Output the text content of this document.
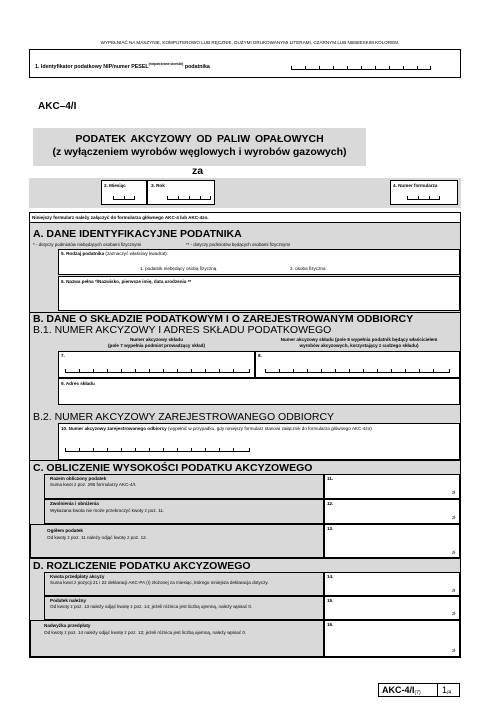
WYPEŁNIAĆ NA MASZYNIE, KOMPUTEROWO LUB RĘCZNIE, DUŻYMI DRUKOWANYMI LITERAMI, CZARNYM LUB NIEBIESKIM KOLOREM.
1. Identyfikator podatkowy NIP/numer $PESEL^{(niepotrzebne skreślić)}$ podatnika
AKC–4/I
PODATEK AKCYZOWY OD PALIW OPAŁOWYCH
(z wyłączeniem wyrobów węglowych i wyrobów gazowych)
za
2. Miesiąc	3. Rok	4. Numer formularza
Niniejszy formularz należy załączyć do formularza głównego AKC-4 lub AKC-4zo.
A. DANE IDENTYFIKACYJNE PODATNIKA
* - dotyczy podmiotów niebędących osobami fizycznymi	** - dotyczy podmiotów będących osobami fizycznymi
5. Rodzaj podatnika (zaznaczyć właściwy kwadrat):
1. podatnik niebędący osobą fizyczną	2. osoba fizyczna
6. Nazwa pełna */Nazwisko, pierwsze imię, data urodzenia **
B. DANE O SKŁADZIE PODATKOWYM I O ZAREJESTROWANYM ODBIORCY
B.1. NUMER AKCYZOWY I ADRES SKŁADU PODATKOWEGO
Numer akcyzowy składu
(pole 7 wypełnia podmiot prowadzący skład)
Numer akcyzowy składu (pole 8 wypełnia podatnik będący właścicielem
wyrobów akcyzowych, korzystający z cudzego składu)
7.	8.
9. Adres składu
B.2. NUMER AKCYZOWY ZAREJESTROWANEGO ODBIORCY
10. Numer akcyzowy zarejestrowanego odbiorcy (wypełnić w przypadku, gdy niniejszy formularz stanowi załącznik do formularza głównego AKC-4zo)
C. OBLICZENIE WYSOKOŚCI PODATKU AKCYZOWEGO
Razem obliczony podatek
Suma kwot z poz. 295 formularzy AKC-4/I.
11.
zł
Zwolnienia i obniżenia
Wykazana kwota nie może przekroczyć kwoty z poz. 11.
12.
zł
Ogółem podatek
Od kwoty z poz. 11 należy odjąć kwotę z poz. 12.
13.
zł
D. ROZLICZENIE PODATKU AKCYZOWEGO
Kwota przedpłaty akcyzy
Suma kwot z pozycji 21 i 22 deklaracji AKC-PA (I) złożonej za miesiąc, którego niniejsza deklaracja dotyczy.
14.
zł
Podatek należny
Od kwoty z poz. 13 należy odjąć kwotę z poz. 14; jeżeli różnica jest liczbą ujemną, należy wpisać 0.
15.
zł
Nadwyżka przedpłaty
Od kwoty z poz. 14 należy odjąć kwotę z poz. 13; jeżeli różnica jest liczbą ujemną, należy wpisać 0.
16.
zł
AKC-4/I(7) 1/4
